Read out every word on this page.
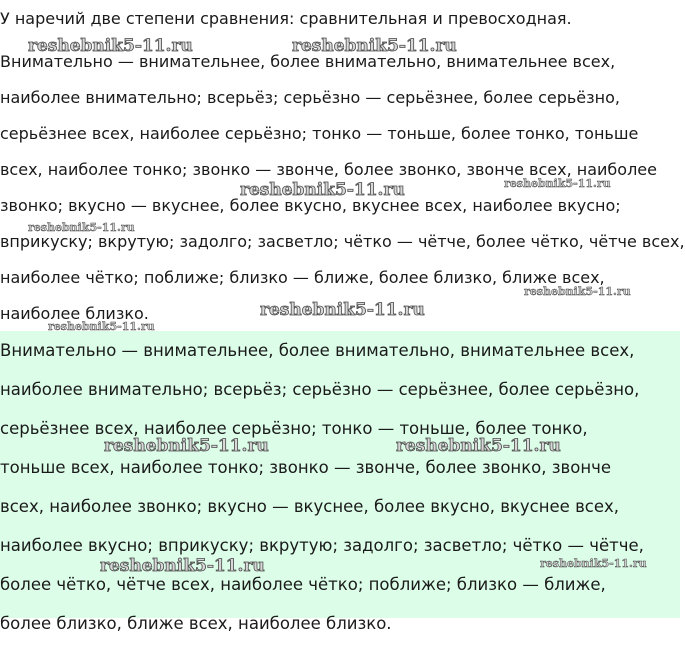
У наречий две степени сравнения: сравнительная и превосходная.

Внимательно — внимательнее, более внимательно, внимательнее всех,
наиболее внимательно; всерьёз; серьёзно — серьёзнее, более серьёзно,
серьёзнее всех, наиболее серьёзно; тонко — тоньше, более тонко, тоньше
всех, наиболее тонко; звонко — звонче, более звонко, звонче всех, наиболее
звонко; вкусно — вкуснее, более вкусно, вкуснее всех, наиболее вкусно;
вприкуску; вкрутую; задолго; засветло; чётко — чётче, более чётко, чётче всех,
наиболее чётко; поближе; близко — ближе, более близко, ближе всех,
наиболее близко.
Внимательно — внимательнее, более внимательно, внимательнее всех,
наиболее внимательно; всерьёз; серьёзно — серьёзнее, более серьёзно,
серьёзнее всех, наиболее серьёзно; тонко — тоньше, более тонко,
тоньше всех, наиболее тонко; звонко — звонче, более звонко, звонче
всех, наиболее звонко; вкусно — вкуснее, более вкусно, вкуснее всех,
наиболее вкусно; вприкуску; вкрутую; задолго; засветло; чётко — чётче,
более чётко, чётче всех, наиболее чётко; поближе; близко — ближе,
более близко, ближе всех, наиболее близко.
reshebnik5-11.ru	reshebnik5-11.ru
reshebnik5-11.ru	reshebnik5-11.ru
reshebnik5-11.ru
reshebnik5-11.ru
reshebnik5-11.ru
reshebnik5-11.ru
reshebnik5-11.ru	reshebnik5-11.ru
reshebnik5-11.ru	reshebnik5-11.ru
